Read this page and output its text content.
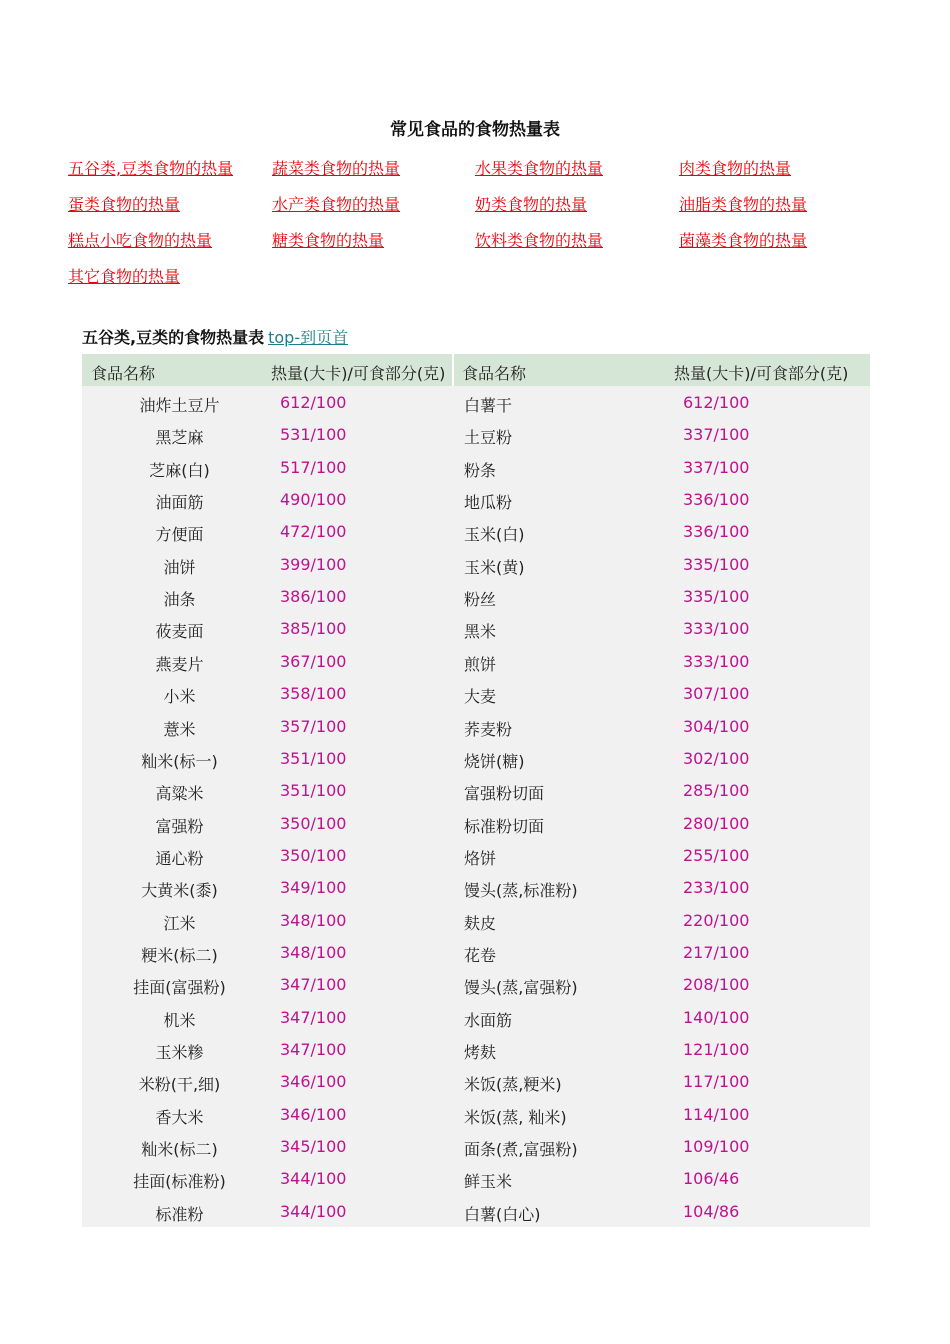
常见食品的食物热量表
五谷类,豆类食物的热量 蔬菜类食物的热量	水果类食物的热量	肉类食物的热量
蛋类食物的热量	水产类食物的热量	奶类食物的热量	油脂类食物的热量
糕点小吃食物的热量	糖类食物的热量	饮料类食物的热量	菌藻类食物的热量
其它食物的热量
五谷类,豆类的食物热量表 top-到页首
食品名称	热量(大卡)/可食部分(克) 食品名称	热量(大卡)/可食部分(克)
油炸土豆片	612/100	白薯干	612/100
黑芝麻	531/100	土豆粉	337/100
芝麻(白)	517/100	粉条	337/100
油面筋	490/100	地瓜粉	336/100
方便面	472/100	玉米(白)	336/100
油饼	399/100	玉米(黄)	335/100
油条	386/100	粉丝	335/100
莜麦面	385/100	黑米	333/100
燕麦片	367/100	煎饼	333/100
小米	358/100	大麦	307/100
薏米	357/100	荞麦粉	304/100
籼米(标一)	351/100	烧饼(糖)	302/100
高粱米	351/100	富强粉切面	285/100
富强粉	350/100	标准粉切面	280/100
通心粉	350/100	烙饼	255/100
大黄米(黍)	349/100	馒头(蒸,标准粉)	233/100
江米	348/100	麸皮	220/100
粳米(标二)	348/100	花卷	217/100
挂面(富强粉)	347/100	馒头(蒸,富强粉)	208/100
机米	347/100	水面筋	140/100
玉米糁	347/100	烤麸	121/100
米粉(干,细)	346/100	米饭(蒸,粳米)	117/100
香大米	346/100	米饭(蒸, 籼米)	114/100
籼米(标二)	345/100	面条(煮,富强粉)	109/100
挂面(标准粉)	344/100	鲜玉米	106/46
标准粉	344/100	白薯(白心)	104/86
